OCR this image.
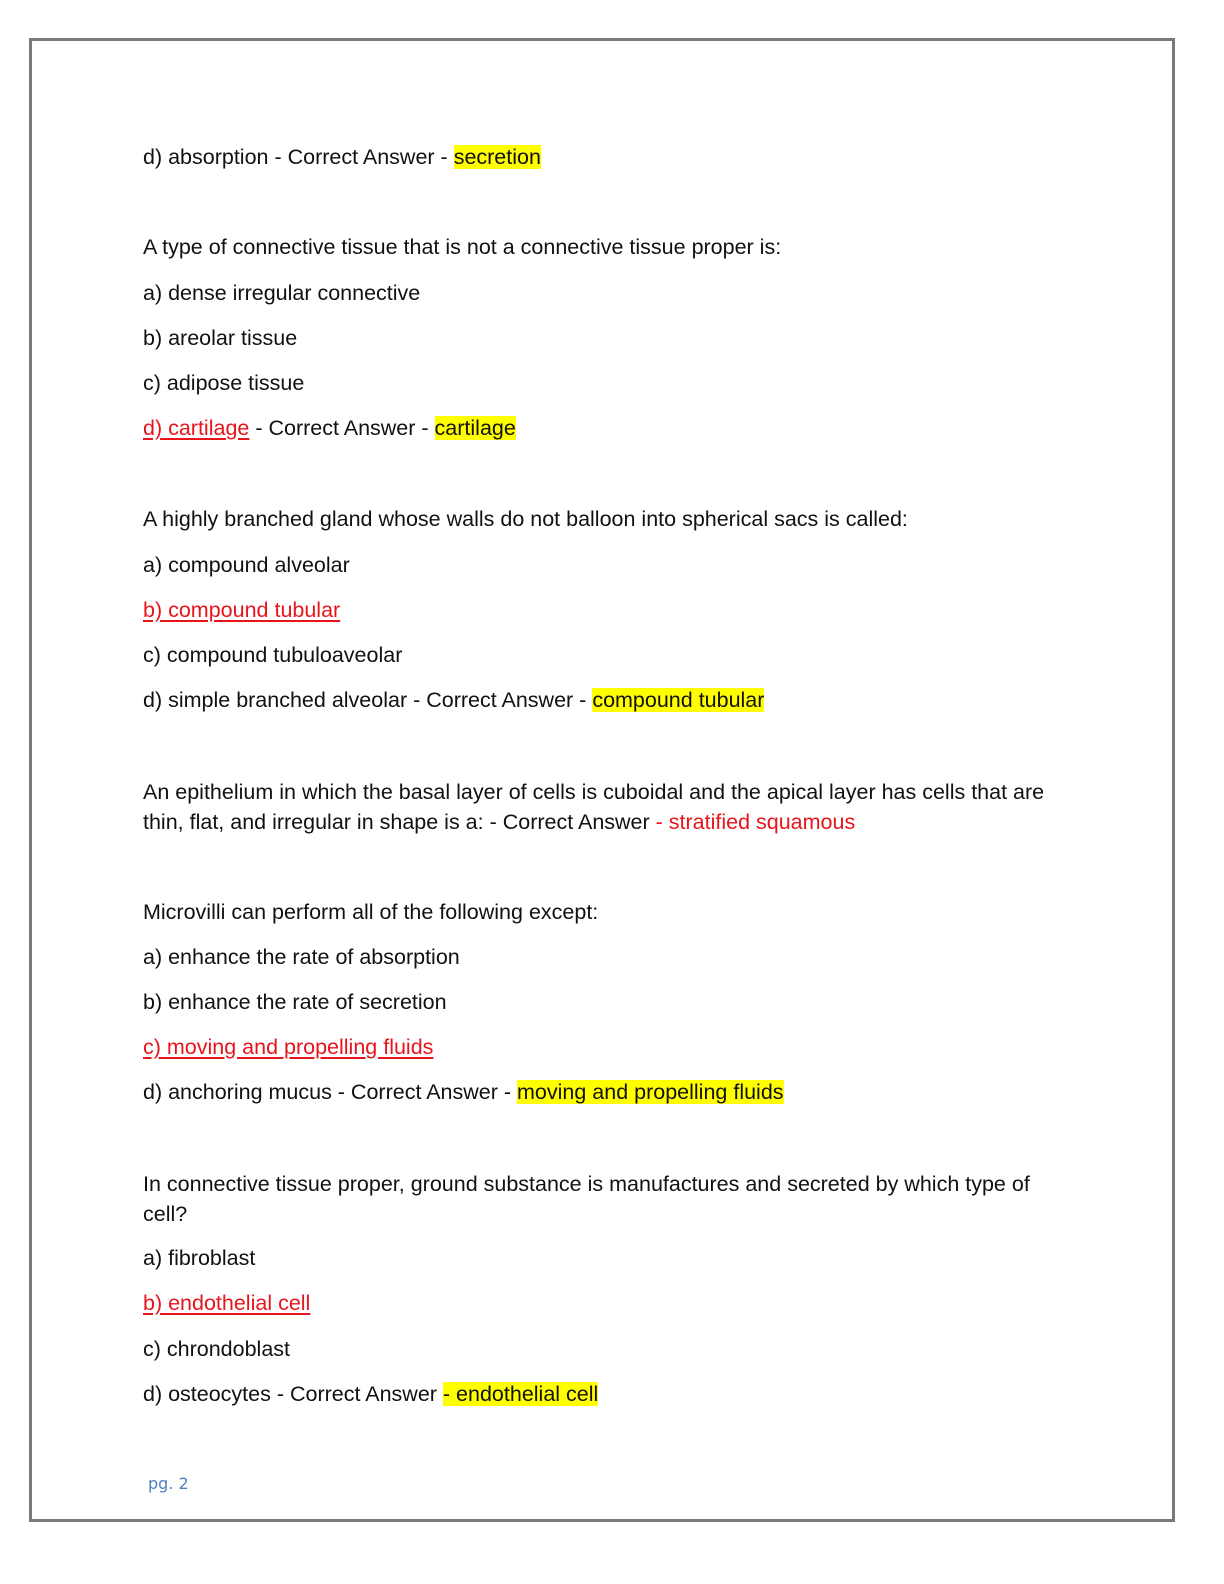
d) absorption - Correct Answer - secretion
A type of connective tissue that is not a connective tissue proper is:
a) dense irregular connective
b) areolar tissue
c) adipose tissue
d) cartilage - Correct Answer - cartilage
A highly branched gland whose walls do not balloon into spherical sacs is called:
a) compound alveolar
b) compound tubular
c) compound tubuloaveolar
d) simple branched alveolar - Correct Answer - compound tubular
An epithelium in which the basal layer of cells is cuboidal and the apical layer has cells that are thin, flat, and irregular in shape is a: - Correct Answer - stratified squamous
Microvilli can perform all of the following except:
a) enhance the rate of absorption
b) enhance the rate of secretion
c) moving and propelling fluids
d) anchoring mucus - Correct Answer - moving and propelling fluids
In connective tissue proper, ground substance is manufactures and secreted by which type of cell?
a) fibroblast
b) endothelial cell
c) chrondoblast
d) osteocytes - Correct Answer - endothelial cell
pg. 2
